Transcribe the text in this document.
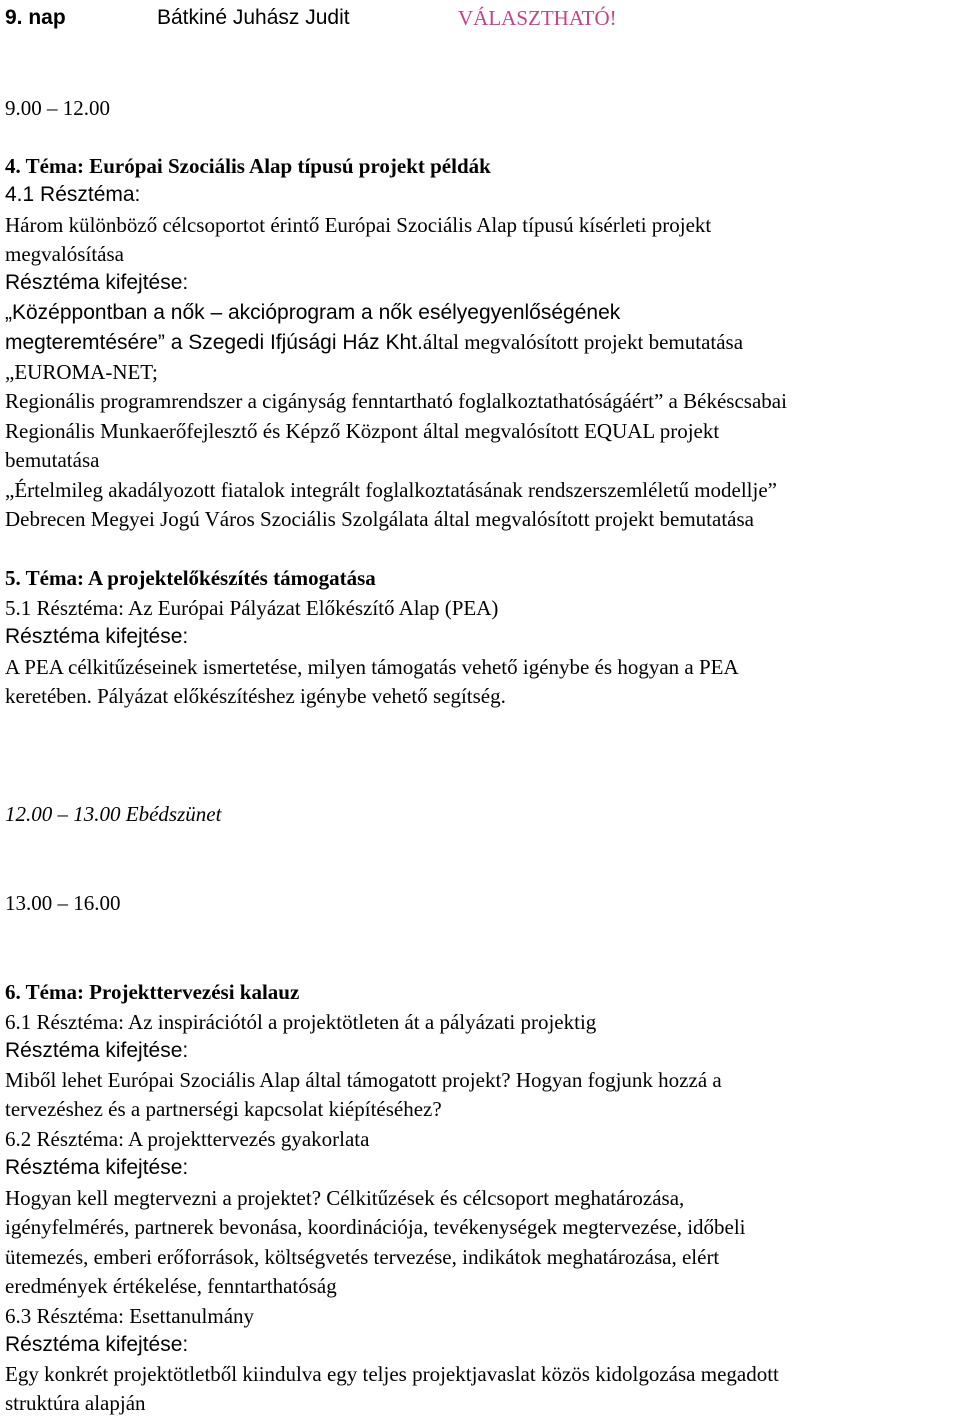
9. nap	Bátkiné Juhász Judit	VÁLASZTHATÓ!
9.00 – 12.00
4. Téma: Európai Szociális Alap típusú projekt példák
4.1 Résztéma:
Három különböző célcsoportot érintő Európai Szociális Alap típusú kísérleti projekt
megvalósítása
Résztéma kifejtése:
„Középpontban a nők – akcióprogram a nők esélyegyenlőségének
megteremtésére” a Szegedi Ifjúsági Ház Kht.által megvalósított projekt bemutatása
„EUROMA-NET;
Regionális programrendszer a cigányság fenntartható foglalkoztathatóságáért” a Békéscsabai
Regionális Munkaerőfejlesztő és Képző Központ által megvalósított EQUAL projekt
bemutatása
„Értelmileg akadályozott fiatalok integrált foglalkoztatásának rendszerszemléletű modellje”
Debrecen Megyei Jogú Város Szociális Szolgálata által megvalósított projekt bemutatása
5. Téma: A projektelőkészítés támogatása
5.1 Résztéma: Az Európai Pályázat Előkészítő Alap (PEA)
Résztéma kifejtése:
A PEA célkitűzéseinek ismertetése, milyen támogatás vehető igénybe és hogyan a PEA
keretében. Pályázat előkészítéshez igénybe vehető segítség.
12.00 – 13.00 Ebédszünet
13.00 – 16.00
6. Téma: Projekttervezési kalauz
6.1 Résztéma: Az inspirációtól a projektötleten át a pályázati projektig
Résztéma kifejtése:
Miből lehet Európai Szociális Alap által támogatott projekt? Hogyan fogjunk hozzá a
tervezéshez és a partnerségi kapcsolat kiépítéséhez?
6.2 Résztéma: A projekttervezés gyakorlata
Résztéma kifejtése:
Hogyan kell megtervezni a projektet? Célkitűzések és célcsoport meghatározása,
igényfelmérés, partnerek bevonása, koordinációja, tevékenységek megtervezése, időbeli
ütemezés, emberi erőforrások, költségvetés tervezése, indikátok meghatározása, elért
eredmények értékelése, fenntarthatóság
6.3 Résztéma: Esettanulmány
Résztéma kifejtése:
Egy konkrét projektötletből kiindulva egy teljes projektjavaslat közös kidolgozása megadott
struktúra alapján
